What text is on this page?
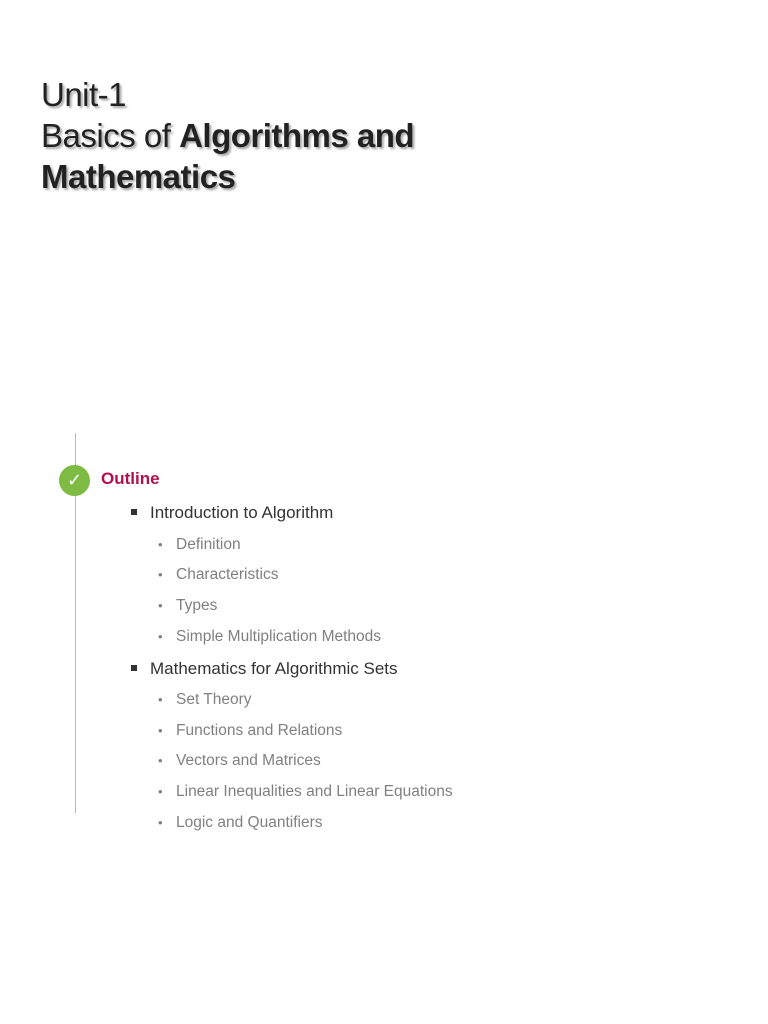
Unit-1
Basics of Algorithms and
Mathematics
✓	Outline
Introduction to Algorithm
• Definition
• Characteristics
• Types
• Simple Multiplication Methods
Mathematics for Algorithmic Sets
• Set Theory
• Functions and Relations
• Vectors and Matrices
• Linear Inequalities and Linear Equations
• Logic and Quantifiers
